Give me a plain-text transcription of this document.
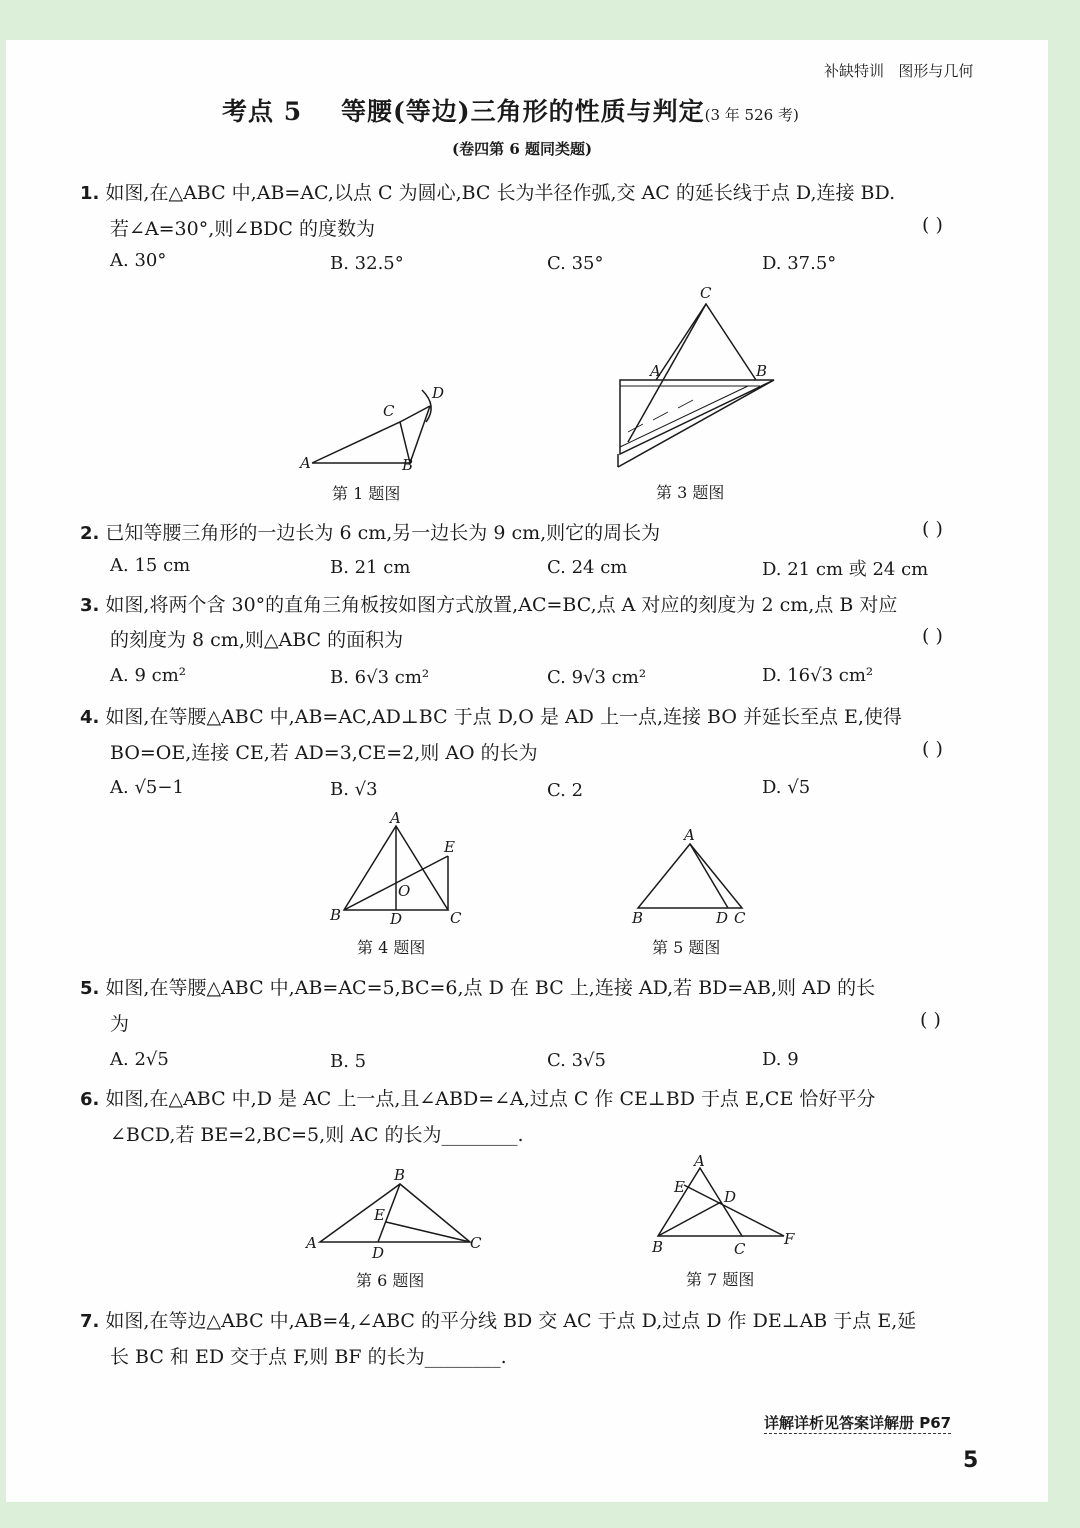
补缺特训 图形与几何
考点 5 等腰(等边)三角形的性质与判定(3 年 526 考)
(卷四第 6 题同类题)
1. 如图,在△ABC 中,AB=AC,以点 C 为圆心,BC 长为半径作弧,交 AC 的延长线于点 D,连接 BD.
若∠A=30°,则∠BDC 的度数为	( )
A. 30°	B. 32.5°	C. 35°	D. 37.5°
A	B
C
D
第 1 题图
C
A	B
第 3 题图
2. 已知等腰三角形的一边长为 6 cm,另一边长为 9 cm,则它的周长为	( )
A. 15 cm	B. 21 cm	C. 24 cm	D. 21 cm 或 24 cm
3. 如图,将两个含 30°的直角三角板按如图方式放置,AC=BC,点 A 对应的刻度为 2 cm,点 B 对应
的刻度为 8 cm,则△ABC 的面积为	( )
A. 9 cm²	B. 6√3 cm²	C. 9√3 cm²	D. 16√3 cm²
4. 如图,在等腰△ABC 中,AB=AC,AD⊥BC 于点 D,O 是 AD 上一点,连接 BO 并延长至点 E,使得
BO=OE,连接 CE,若 AD=3,CE=2,则 AO 的长为	( )
A. √5−1	B. √3	C. 2	D. √5
A
B	C
D
E
O
第 4 题图
A
B	D C
第 5 题图
5. 如图,在等腰△ABC 中,AB=AC=5,BC=6,点 D 在 BC 上,连接 AD,若 BD=AB,则 AD 的长
为	( )
A. 2√5	B. 5	C. 3√5	D. 9
6. 如图,在△ABC 中,D 是 AC 上一点,且∠ABD=∠A,过点 C 作 CE⊥BD 于点 E,CE 恰好平分
∠BCD,若 BE=2,BC=5,则 AC 的长为________.
B
A	C
D
E
第 6 题图
A
B	C
D
E
F
第 7 题图
7. 如图,在等边△ABC 中,AB=4,∠ABC 的平分线 BD 交 AC 于点 D,过点 D 作 DE⊥AB 于点 E,延
长 BC 和 ED 交于点 F,则 BF 的长为________.
详解详析见答案详解册 P67
5
